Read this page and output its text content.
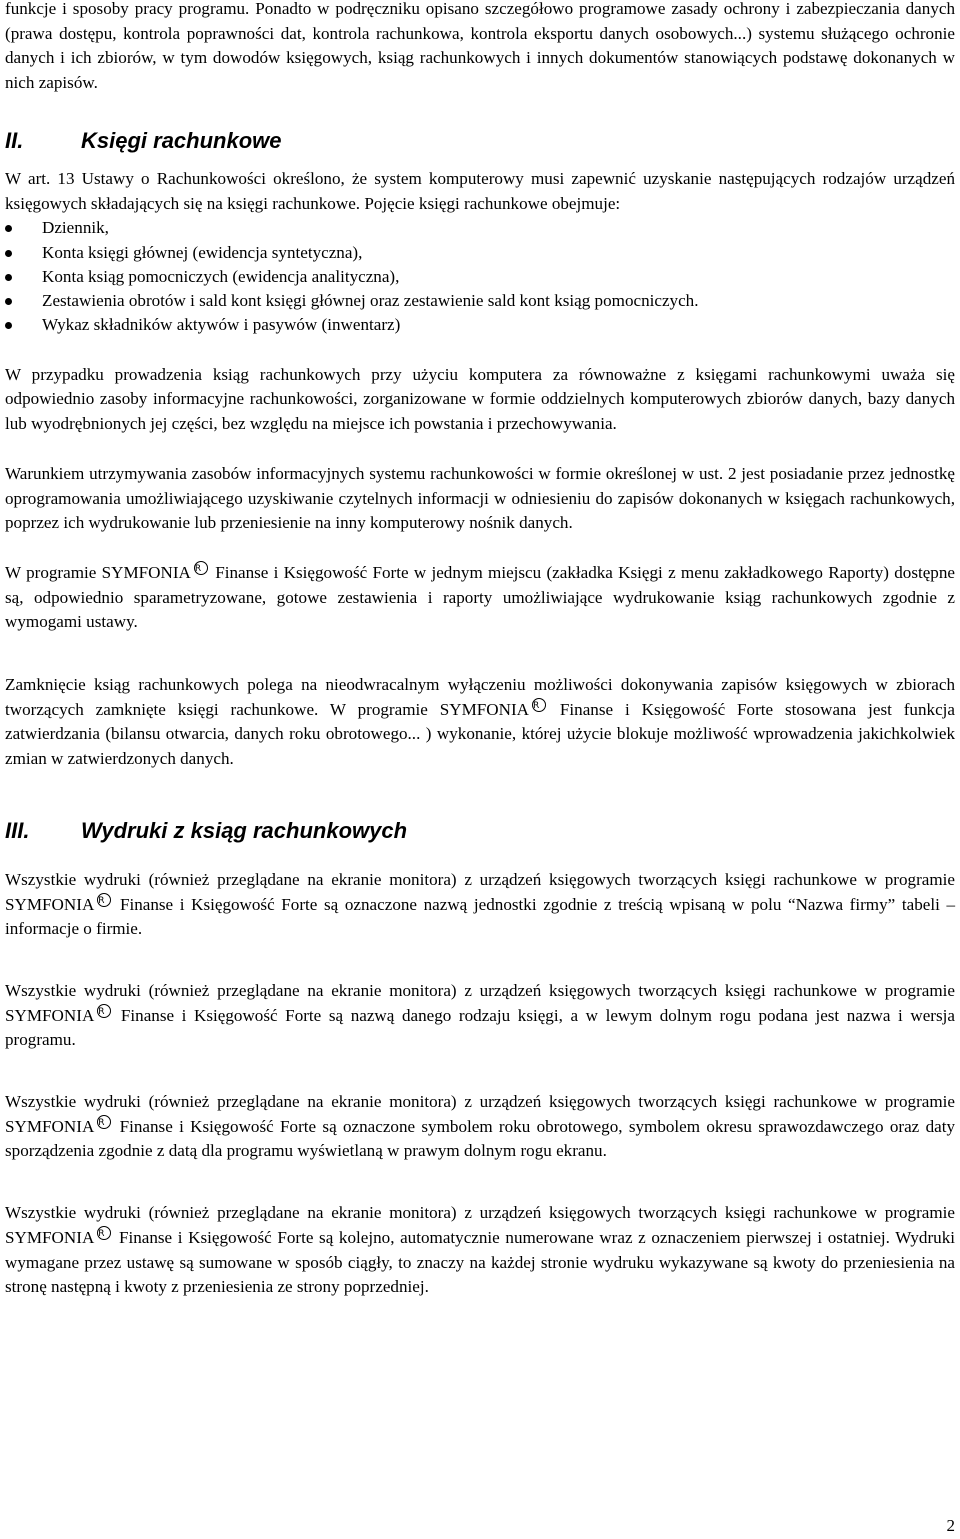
funkcje i sposoby pracy programu. Ponadto w podręczniku opisano szczegółowo programowe zasady ochrony i zabezpieczania danych (prawa dostępu, kontrola poprawności dat, kontrola rachunkowa, kontrola eksportu danych osobowych...) systemu służącego ochronie danych i ich zbiorów, w tym dowodów księgowych, ksiąg rachunkowych i innych dokumentów stanowiących podstawę dokonanych w nich zapisów.

II.	Księgi rachunkowe

W art. 13 Ustawy o Rachunkowości określono, że system komputerowy musi zapewnić uzyskanie następujących rodzajów urządzeń księgowych składających się na księgi rachunkowe. Pojęcie księgi rachunkowe obejmuje:

Dziennik,
Konta księgi głównej (ewidencja syntetyczna),
Konta ksiąg pomocniczych (ewidencja analityczna),
Zestawienia obrotów i sald kont księgi głównej oraz zestawienie sald kont ksiąg pomocniczych.
Wykaz składników aktywów i pasywów (inwentarz)

W przypadku prowadzenia ksiąg rachunkowych przy użyciu komputera za równoważne z księgami rachunkowymi uważa się odpowiednio zasoby informacyjne rachunkowości, zorganizowane w formie oddzielnych komputerowych zbiorów danych, bazy danych lub wyodrębnionych jej części, bez względu na miejsce ich powstania i przechowywania.

Warunkiem utrzymywania zasobów informacyjnych systemu rachunkowości w formie określonej w ust. 2 jest posiadanie przez jednostkę oprogramowania umożliwiającego uzyskiwanie czytelnych informacji w odniesieniu do zapisów dokonanych w księgach rachunkowych, poprzez ich wydrukowanie lub przeniesienie na inny komputerowy nośnik danych.

W programie SYMFONIA R Finanse i Księgowość Forte w jednym miejscu (zakładka Księgi z menu zakładkowego Raporty) dostępne są, odpowiednio sparametryzowane, gotowe zestawienia i raporty umożliwiające wydrukowanie ksiąg rachunkowych zgodnie z wymogami ustawy.

Zamknięcie ksiąg rachunkowych polega na nieodwracalnym wyłączeniu możliwości dokonywania zapisów księgowych w zbiorach tworzących zamknięte księgi rachunkowe. W programie SYMFONIA R Finanse i Księgowość Forte stosowana jest funkcja zatwierdzania (bilansu otwarcia, danych roku obrotowego... ) wykonanie, której użycie blokuje możliwość wprowadzenia jakichkolwiek zmian w zatwierdzonych danych.

III.	Wydruki z ksiąg rachunkowych

Wszystkie wydruki (również przeglądane na ekranie monitora) z urządzeń księgowych tworzących księgi rachunkowe w programie SYMFONIA R Finanse i Księgowość Forte są oznaczone nazwą jednostki zgodnie z treścią wpisaną w polu “Nazwa firmy” tabeli – informacje o firmie.

Wszystkie wydruki (również przeglądane na ekranie monitora) z urządzeń księgowych tworzących księgi rachunkowe w programie SYMFONIA R Finanse i Księgowość Forte są nazwą danego rodzaju księgi, a w lewym dolnym rogu podana jest nazwa i wersja programu.

Wszystkie wydruki (również przeglądane na ekranie monitora) z urządzeń księgowych tworzących księgi rachunkowe w programie SYMFONIA R Finanse i Księgowość Forte są oznaczone symbolem roku obrotowego, symbolem okresu sprawozdawczego oraz daty sporządzenia zgodnie z datą dla programu wyświetlaną w prawym dolnym rogu ekranu.

Wszystkie wydruki (również przeglądane na ekranie monitora) z urządzeń księgowych tworzących księgi rachunkowe w programie SYMFONIA R Finanse i Księgowość Forte są kolejno, automatycznie numerowane wraz z oznaczeniem pierwszej i ostatniej. Wydruki wymagane przez ustawę są sumowane w sposób ciągły, to znaczy na każdej stronie wydruku wykazywane są kwoty do przeniesienia na stronę następną i kwoty z przeniesienia ze strony poprzedniej.

2
